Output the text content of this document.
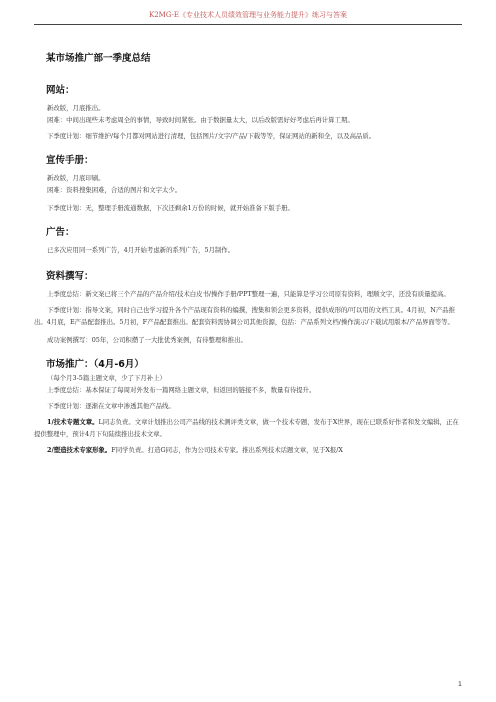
K2MG-E《专业技术人员绩效管理与业务能力提升》练习与答案
某市场推广部一季度总结
网站：

新改版，月底推出。

困难：中间出现些未考虑周全的事情，导致时间紧张。由于数据量太大，以后改版需好好考虑后再计算工期。

下季度计划：细节维护/每个月都对网站进行清理，包括图片/文字/产品/下载等等，保证网站的新和全，以及高品质。

宣传手册：

新改版，月底印刷。

困难：资料搜集困难，合适的图片和文字太少。

下季度计划：无，整理手册流通数据，下次还剩余1万份的时候，就开始准备下版手册。

广告：

已多次应用同一系列广告，4月开始考虑新的系列广告，5月制作。

资料撰写：

上季度总结：新文案已将三个产品的产品介绍/技术白皮书/操作手册/PPT整理一遍，只能算是学习公司原有资料，理顺文字，还没有质量提高。

下季度计划：指导文案，同时自己也学习提升各个产品现有资料的编撰，搜集和领会更多资料，提供成形的/可以用的文档工具。4月初，N产品推出。4月底，E产品配套推出。5月初，F产品配套推出。配套资料需协调公司其他资源，包括：产品系列文档/操作演示/下载试用版本/产品界面等等。

成功案例撰写：05年，公司积攒了一大批优秀案例，有待整理和推出。

市场推广：（4月-6月）

（每个月3-5篇主题文章，少了下月补上）

上季度总结：基本保证了每周对外发布一篇网络主题文章，但返回的链接不多，数量有待提升。

下季度计划：逐渐在文章中渗透其他产品线。

1/技术专题文章。L同志负责。文章计划推出公司产品线的技术测评类文章，做一个技术专题，发布于X世界，现在已联系好作者和发文编辑，正在提供整理中，预计4月下旬陆续推出技术文章。

2/塑造技术专家形象。F同学负责。打造G同志，作为公司技术专家。推出系列技术话题文章，见于X报/X

1
